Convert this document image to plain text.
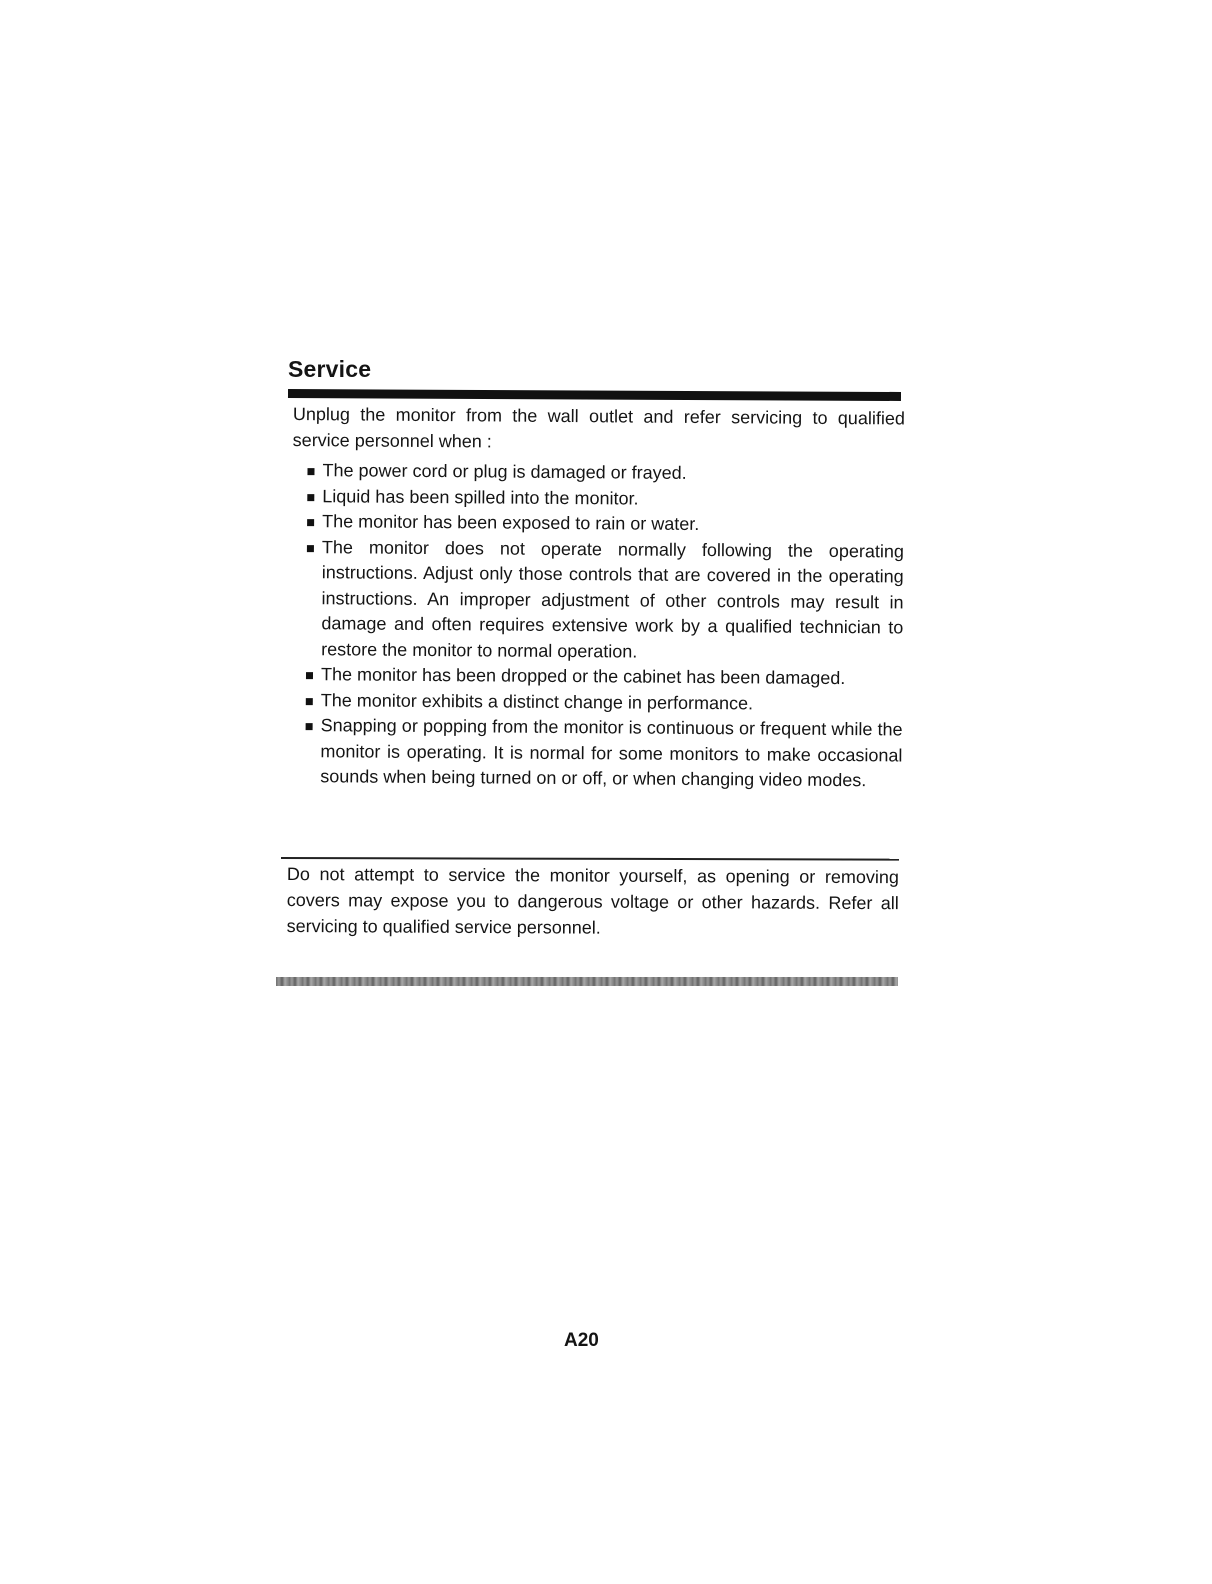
Service

Unplug the monitor from the wall outlet and refer servicing to qualified service personnel when :

The power cord or plug is damaged or frayed.
Liquid has been spilled into the monitor.
The monitor has been exposed to rain or water.
The monitor does not operate normally following the operating instructions. Adjust only those controls that are covered in the operating instructions. An improper adjustment of other controls may result in damage and often requires extensive work by a qualified technician to restore the monitor to normal operation.
The monitor has been dropped or the cabinet has been damaged.
The monitor exhibits a distinct change in performance.
Snapping or popping from the monitor is continuous or frequent while the monitor is operating. It is normal for some monitors to make occasional sounds when being turned on or off, or when changing video modes.

Do not attempt to service the monitor yourself, as opening or removing covers may expose you to dangerous voltage or other hazards. Refer all servicing to qualified service personnel.

A20
